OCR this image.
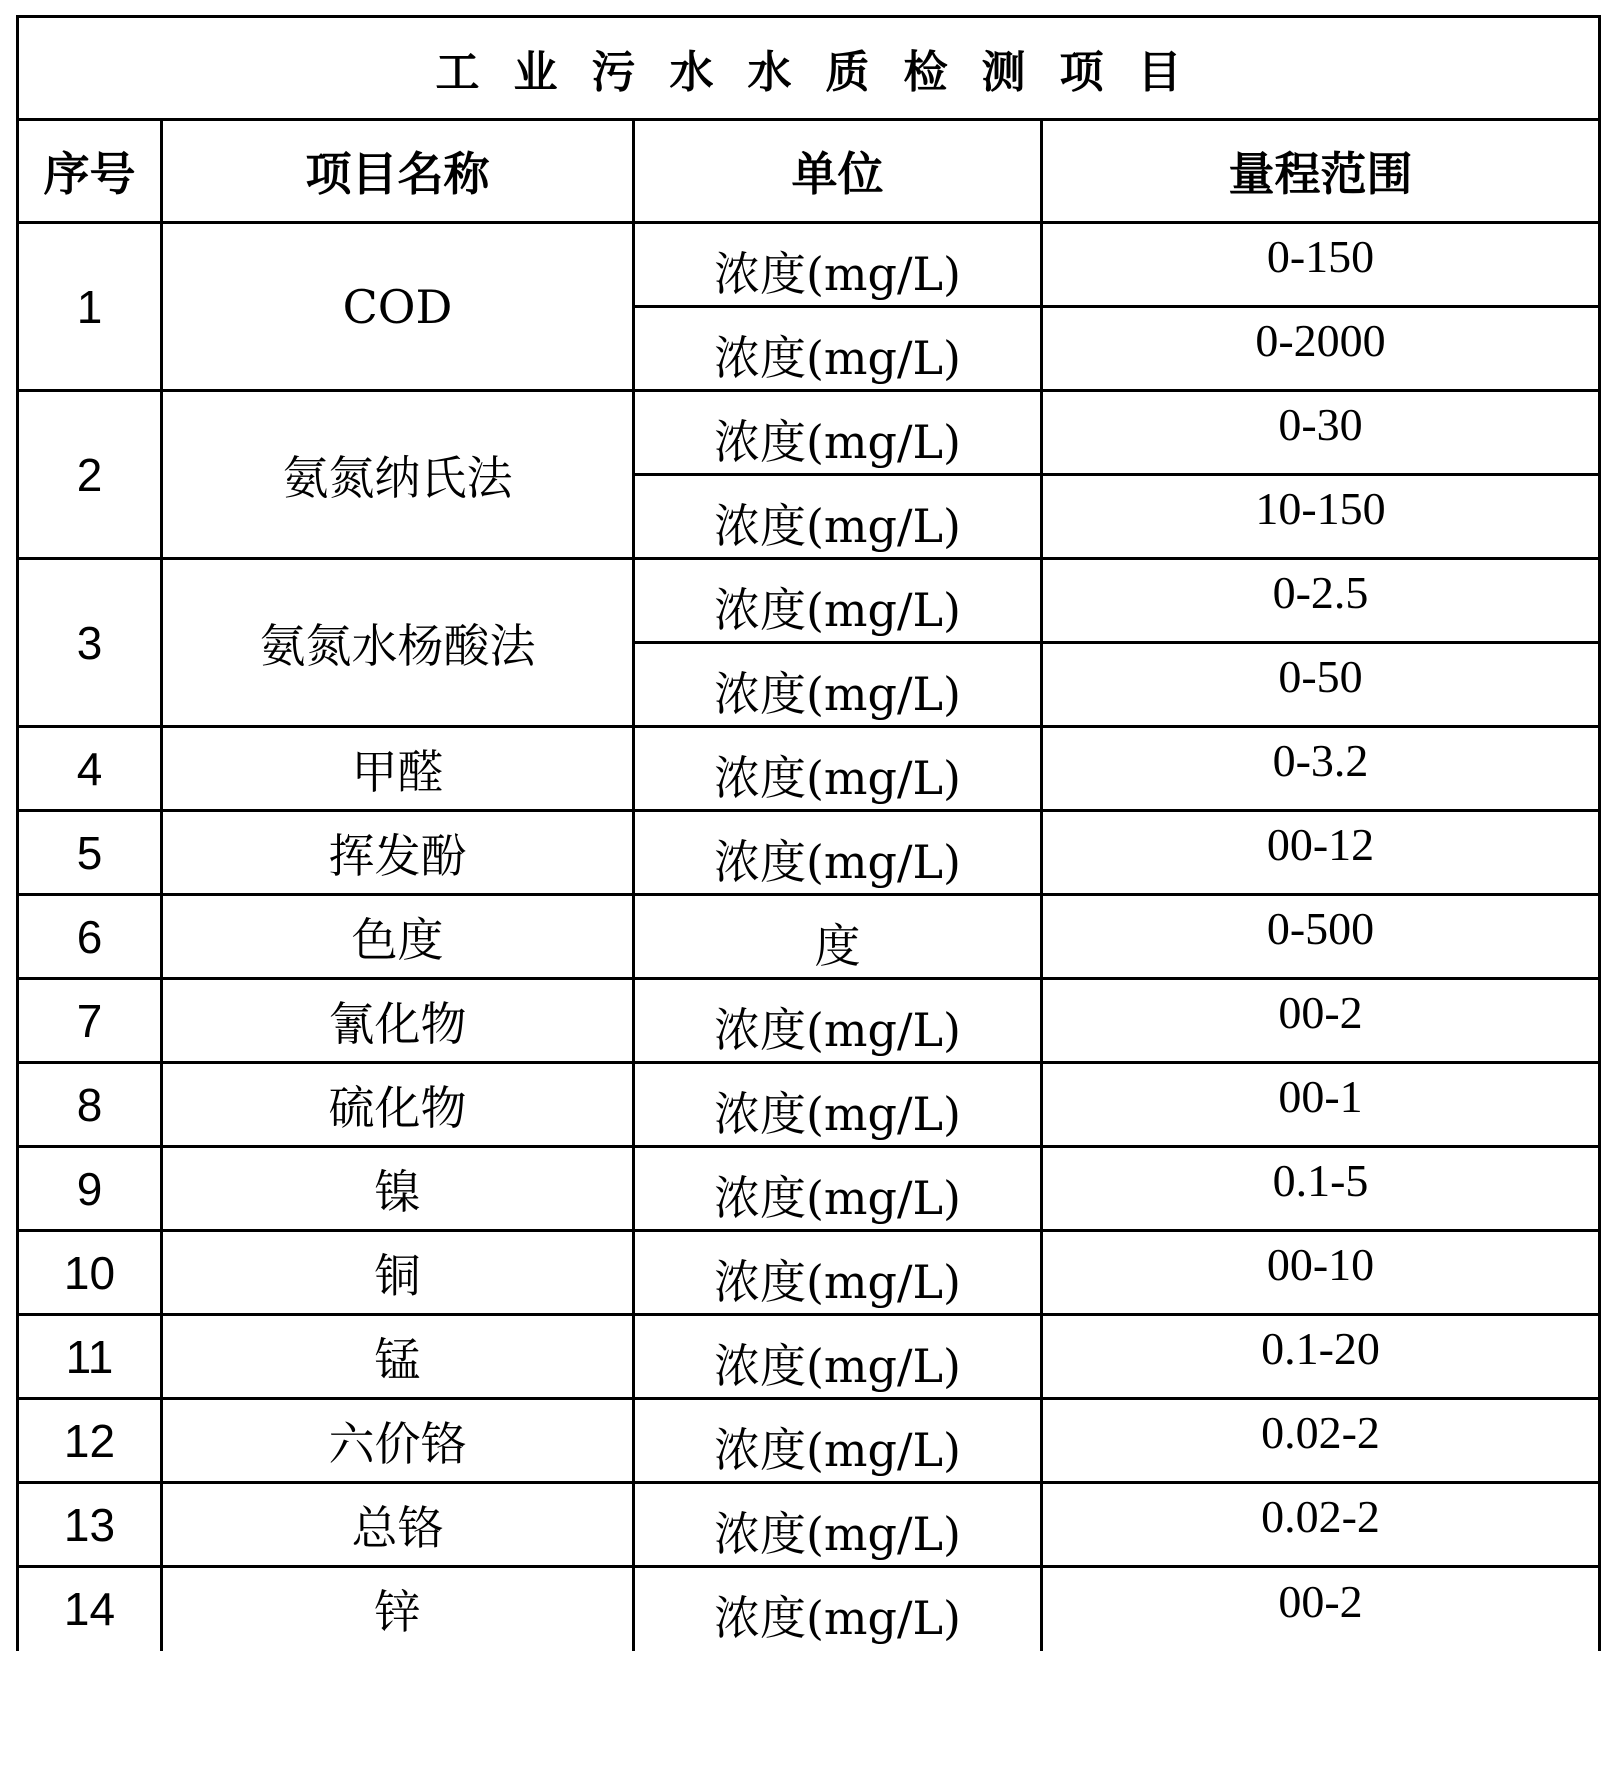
工业污水水质检测项目			
序号	项目名称	单位	量程范围
1	COD	浓度(mg/L)	0-150
		浓度(mg/L)	0-2000
2	氨氮纳氏法	浓度(mg/L)	0-30
		浓度(mg/L)	10-150
3	氨氮水杨酸法	浓度(mg/L)	0-2.5
		浓度(mg/L)	0-50
4	甲醛	浓度(mg/L)	0-3.2
5	挥发酚	浓度(mg/L)	00-12
6	色度	度	0-500
7	氰化物	浓度(mg/L)	00-2
8	硫化物	浓度(mg/L)	00-1
9	镍	浓度(mg/L)	0.1-5
10	铜	浓度(mg/L)	00-10
11	锰	浓度(mg/L)	0.1-20
12	六价铬	浓度(mg/L)	0.02-2
13	总铬	浓度(mg/L)	0.02-2
14	锌	浓度(mg/L)	00-2
